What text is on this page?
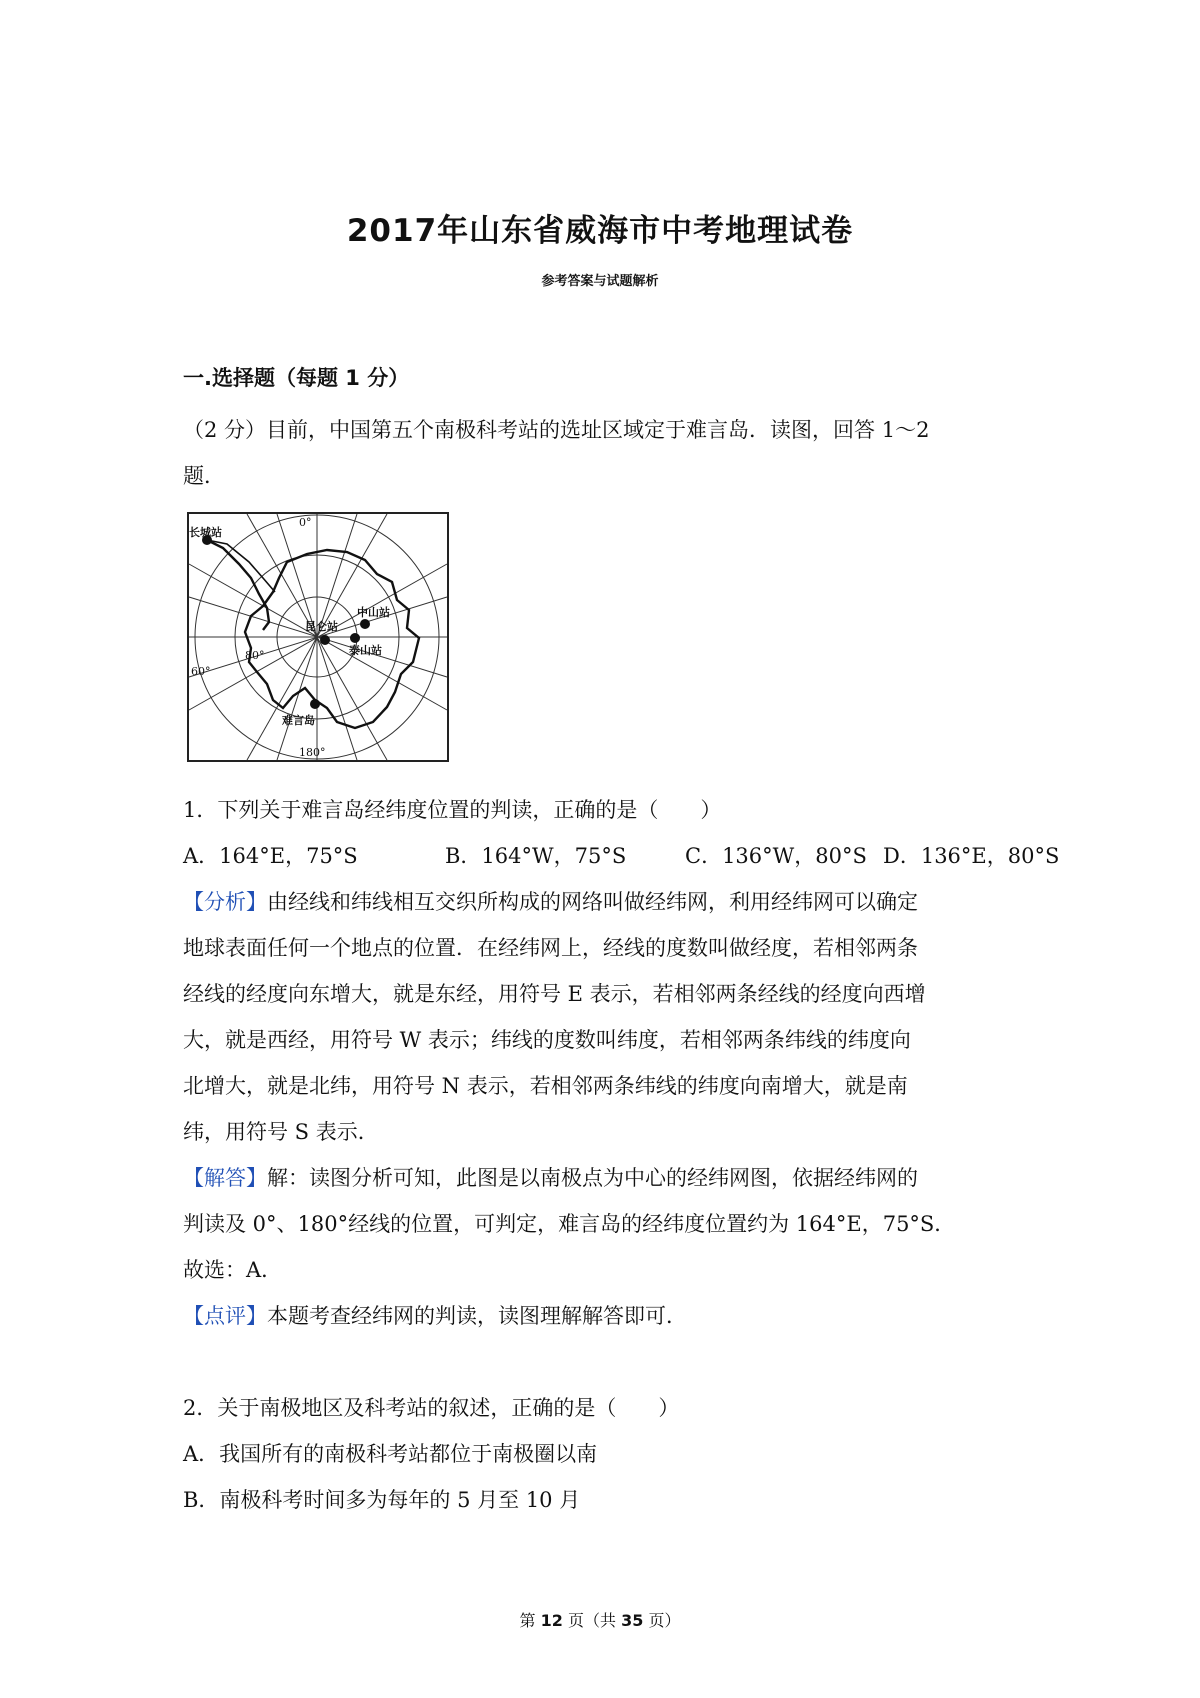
2017年山东省威海市中考地理试卷
参考答案与试题解析
一.选择题（每题 1 分）
（2 分）目前，中国第五个南极科考站的选址区域定于难言岛．读图，回答 1～2
题．
0°
180°
60°
80°
长城站
昆仑站
中山站
泰山站
难言岛
1．下列关于难言岛经纬度位置的判读，正确的是（　　）
A．164°E，75°S	B．164°W，75°S	C．136°W，80°S D．136°E，80°S
【分析】由经线和纬线相互交织所构成的网络叫做经纬网，利用经纬网可以确定
地球表面任何一个地点的位置．在经纬网上，经线的度数叫做经度，若相邻两条
经线的经度向东增大，就是东经，用符号 E 表示，若相邻两条经线的经度向西增
大，就是西经，用符号 W 表示；纬线的度数叫纬度，若相邻两条纬线的纬度向
北增大，就是北纬，用符号 N 表示，若相邻两条纬线的纬度向南增大，就是南
纬，用符号 S 表示．
【解答】解：读图分析可知，此图是以南极点为中心的经纬网图，依据经纬网的
判读及 0°、180°经线的位置，可判定，难言岛的经纬度位置约为 164°E，75°S．
故选：A．
【点评】本题考查经纬网的判读，读图理解解答即可．
2．关于南极地区及科考站的叙述，正确的是（　　）
A．我国所有的南极科考站都位于南极圈以南
B．南极科考时间多为每年的 5 月至 10 月
第 12 页（共 35 页）
